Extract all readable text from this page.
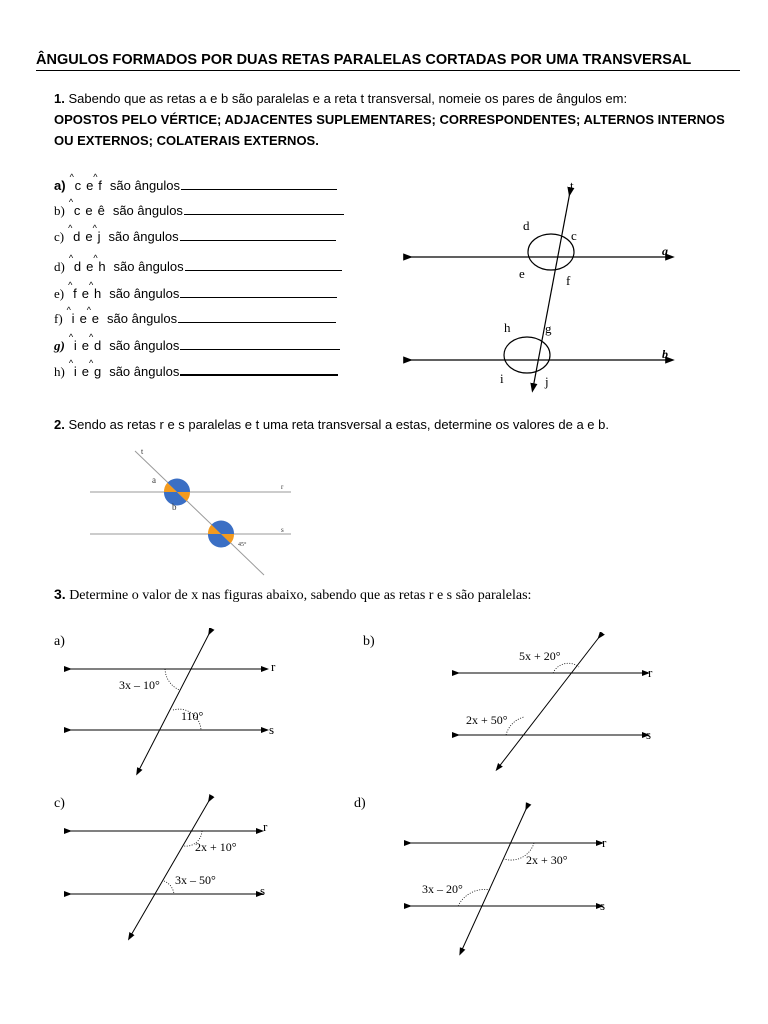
ÂNGULOS FORMADOS POR DUAS RETAS PARALELAS CORTADAS POR UMA TRANSVERSAL
1. Sabendo que as retas a e b são paralelas e a reta t transversal, nomeie os pares de ângulos em:
OPOSTOS PELO VÉRTICE; ADJACENTES SUPLEMENTARES; CORRESPONDENTES; ALTERNOS INTERNOS
OU EXTERNOS; COLATERAIS EXTERNOS.
a) ^ c e ^ f são ângulos
b) ^ c e ê são ângulos
c) ^ d e ^ j são ângulos
d) ^ d e ^ h são ângulos
e) ^ f e ^ h são ângulos
f) ^ i e ^ e são ângulos
g) ^ i e ^ d são ângulos
h) ^ i e ^ g são ângulos
t
a
b
d
c
e	f
h	g
i	j
2. Sendo as retas r e s paralelas e t uma reta transversal a estas, determine os valores de a e b.
t
r
s
a
b
45°
3. Determine o valor de x nas figuras abaixo, sabendo que as retas r e s são paralelas:
a)
3x – 10°
110°
r
s
b)
5x + 20°
2x + 50°
r
s
c)
2x + 10°
3x – 50°
r
s
d)
2x + 30°
3x – 20°
r
s
